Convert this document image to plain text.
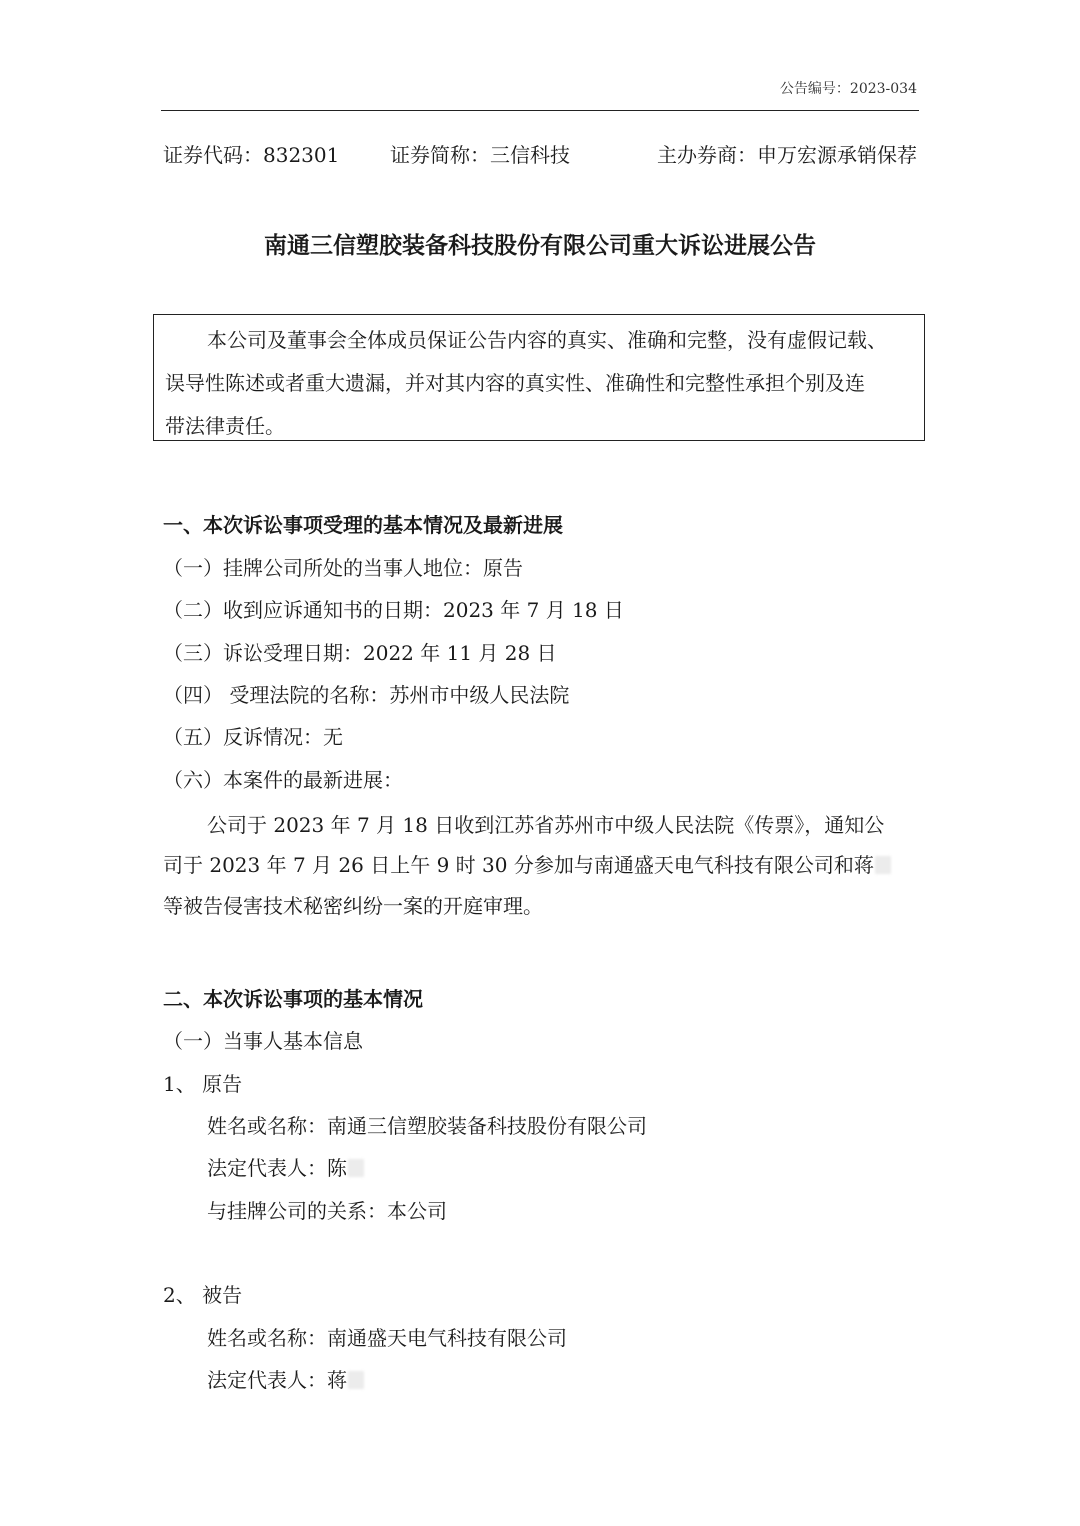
公告编号：2023-034
证券代码：832301	证券简称：三信科技	主办券商：申万宏源承销保荐
南通三信塑胶装备科技股份有限公司重大诉讼进展公告
本公司及董事会全体成员保证公告内容的真实、准确和完整，没有虚假记载、
误导性陈述或者重大遗漏，并对其内容的真实性、准确性和完整性承担个别及连
带法律责任。
一、本次诉讼事项受理的基本情况及最新进展
（一）挂牌公司所处的当事人地位：原告
（二）收到应诉通知书的日期：2023 年 7 月 18 日
（三）诉讼受理日期：2022 年 11 月 28 日
（四） 受理法院的名称：苏州市中级人民法院
（五）反诉情况：无
（六）本案件的最新进展：
公司于 2023 年 7 月 18 日收到江苏省苏州市中级人民法院《传票》，通知公
司于 2023 年 7 月 26 日上午 9 时 30 分参加与南通盛天电气科技有限公司和蒋
等被告侵害技术秘密纠纷一案的开庭审理。
二、本次诉讼事项的基本情况
（一）当事人基本信息
1、 原告
姓名或名称：南通三信塑胶装备科技股份有限公司
法定代表人：陈
与挂牌公司的关系：本公司
2、 被告
姓名或名称：南通盛天电气科技有限公司
法定代表人：蒋
